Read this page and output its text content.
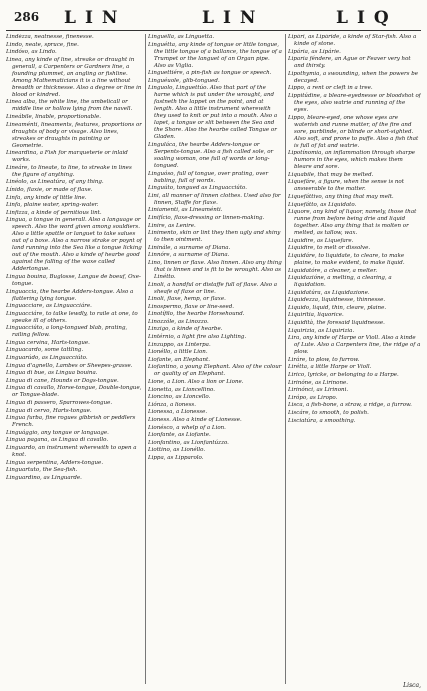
286 LIN	LIN	LIQ

Lindézza, neatnesse, finenesse.

Lindo, neate, spruce, fine.

Lindóso, as Lindo.

Linea, any kinde of line, streake or draught in generall, a Carpenters or Gardners line, a founding plummet, an angling or fishline. Among Mathematicians it is a line without breadth or thicknesse. Also a degree or line in blood or kindred.

Linea alba, the white line, the umbelicall or middle line or hollow lying from the navell.

Lineábile, linable, proportionable.

Lineaménti, lineaments, features, proportions or draughts of body or visage. Also lines, streakes or draughts in painting or Geometrie.

Lineardina, a Fish for marqueterie or inlaid works.

Lineáre, to lineate, to line, to streake in lines the figure of anything.

Linéolo, as Lineatúra, of any thing.

Línido, flaxie, or made of flaxe.

Linfa, any kinde of little line.

Linfa, plaine water, spring-water.

Linfizza, a kinde of pernitious lint.

Lingua, a tongue in generall. Also a language or speech. Also the word given among souldiers. Also a little spattle or languet to take salues out of a boxe. Also a narrow strake or poynt of land running into the Sea like a tongue licking out of the mouth. Also a kinde of hearbe good against the falling of the waxe called Addertongue.

Lingua bouina, Buglosse, Langue de boeuf, Oxe-tongue.

Linguaccia, the hearbe Adders-tongue. Also a flattering lying tongue.

Linguacciare, as Linguacciáre.

Linguacciáre, to talke lewdly, to raile at one, to speake ill of others.

Linguacciúto, a long-tongued blab, prating, railing fellow.

Lingua cervina, Harts-tongue.

Linguacardo, some tattling.

Linguarúdo, as Linguacciúto.

Lingua d'agnello, Lambes or Sheepes-grasse.

Lingua di bue, as Lingua bouina.

Lingua di cane, Hounds or Dogs-tongue.

Lingua di cavallo, Horse-tongue, Double-tongue, or Tongue-blade.

Lingua di passero, Sparrowes-tongue.

Lingua di cervo, Harts-tongue.

Lingua furba, fine rogues gibbrish or peddlers French.

Linguággio, any tongue or language.

Lingua pagana, as Lingua di cavallo.

Linguardo, an instrument wherewith to open a knot.

Lingua serpentina, Adders-tongue.

Linguartuto, the Sea-fish.

Linguardino, as Linguarde.

Linguélla, as Linguetta.

Linguétta, any kinde of tongue or little tongue, the little tongue of a ballance, the tongue of a Trumpet or the languet of an Organ pipe. Also as Viglia.

Linguettiére, a pin-fish as tongue or speech.

Linguéuole, glib-tongued.

Linguolo, Linguettúo. Also that part of the harne which is put under the wrought, and fastneth the lappet on the point, and at length. Also a little instrument wherewith they used to knit or put into a mouth. Also a lapet, a tongue or slit between the Sea and the Shore. Also the hearbe called Tongue or Gladen.

Linguláca, the hearbe Adders-tongue or Serpents-tongue. Also a fish called sole, or soaling woman, one full of words or long-tongued.

Linguóso, full of tongue, over prating, over babling, full of words.

Linguúto, tongued as Linguacciúto.

Lini, all manner of linnen clothes. Used also for linnen, Staffe for flaxe.

Liniamenti, as Lineaménti.

Linifício, flaxe-dressing or linnen-making.

Linire, as Lenire.

Linimento, skin or lint they then ugly and shiny to then ointment.

Lininále, a surname of Diana.

Linnóre, a surname of Diana.

Lino, linnen or flaxe. Also linnen. Also any thing that is linnen and is fit to be wrought. Also as Linétto.

Linoli, a handful or distaffe full of flaxe. Also a sheafe of flaxe or line.

Linoli, flaxe, hemp, or flaxe.

Linospermo, flaxe or line-seed.

Linotífilo, the hearbe Horsehound.

Linozzóle, as Linozzo.

Linzigo, a kinde of hearbe.

Lintérnio, a light fire also Lighting.

Linzuppo, as Linterpa.

Lionéllo, a little Lion.

Liofante, an Elephant.

Liofantino, a young Elephant. Also of the colour or quality of an Elephant.

Lione, a Lion. Also a lion or Lione.

Lionetta, as Lioncellino.

Lioncino, as Lioncello.

Liónza, a lioness.

Lionessa, a Lionesse.

Lioness. Also a kinde of Lionesse.

Lionésco, a whelp of a Lion.

Lionfante, as Liofante.

Lionfantino, as Lionfantúzzo.

Liottino, as Lionéllo.

Lippa, as Lipparolo.

Lipári, as Lipáride, a kinde of Star-fish. Also a kinde of stone.

Lipária, as Lipárie.

Liparia féndere, an Ague or Feaver very hot and thirsty.

Lipothymia, a swounding, when the powers be decayed.

Lippo, a rent or cleft in a tree.

Lippitúdine, a bleare-eyednesse or bloodshot of the eyes, also watrie and running of the eyes.

Lippo, bleare-eyed, one whose eyes are waterish and runne matter, of the fire and sore, purblinde, or blinde or short-sighted. Also soft, and prone to puffe. Also a fish that is full of fat and watrie.

Lipotínomia, an inflammation through sharpe humors in the eyes, which makes them bleare and sore.

Liquabile, that may be melted.

Liquefáre, a figure, when the sense is not answerable to the matter.

Liquefáttivo, any thing that may melt.

Liquefátto, as Liquidato.

Liquore, any kind of liquor, namely, those that runne from before being drie and liquid together. Also any thing that is molten or melted, as tallow, wax.

Liquidire, as Liquefare.

Liquidire, to melt or dissolve.

Liquidáre, to liquidate, to cleare, to make plaine, to make evident, to make liquid.

Liquidatóre, a cleaner, a melter.

Liquidazióne, a melting, a clearing, a liquidation.

Liquidatúra, as Liquidazione.

Liquidezza, liquidnesse, thinnesse.

Liquido, liquid, thin, cleare, plaine.

Liquiritia, liquorice.

Liquidità, the foresaid liquidnesse.

Liquirizia, as Liquirizia.

Lira, any kinde of Harpe or Violl. Also a kinde of Lute. Also a Carpenters line, the ridge of a plow.

Liráre, to plow, to furrow.

Lirétta, a little Harpe or Violl.

Lirico, lyricke, or belonging to a Harpe.

Lirinóne, as Lirinone.

Lirinónci, as Lirinoni.

Lirópo, as Liropo.

Lisca, a fish-bone, a straw, a ridge, a furrow.

Liscáre, to smooth, to polish.

Lisciatúra, a smoothing.

Lisca,
